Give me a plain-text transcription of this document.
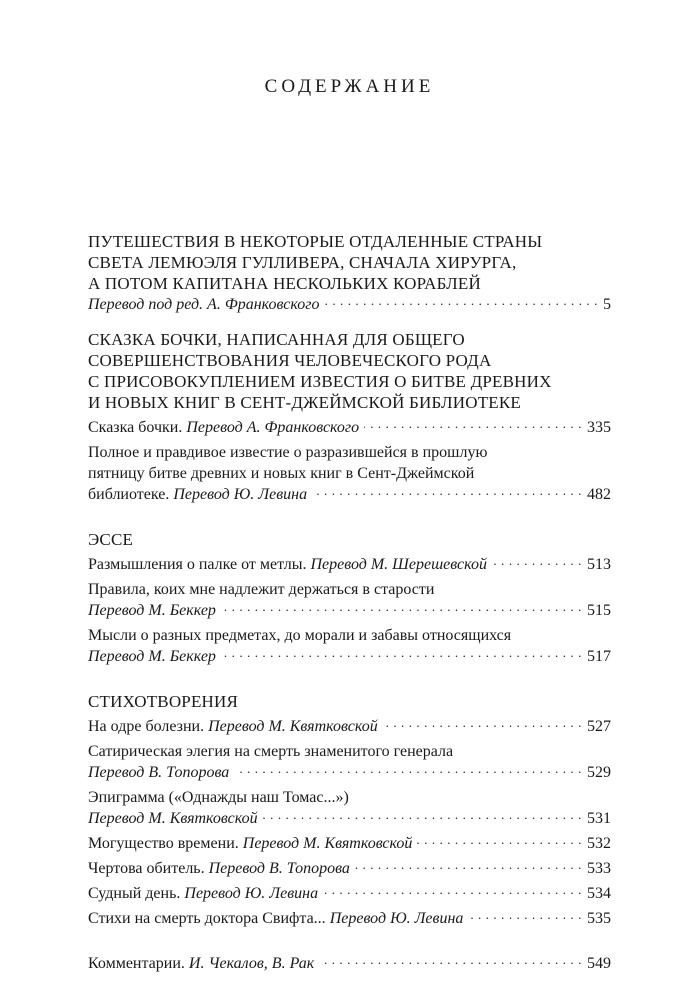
СОДЕРЖАНИЕ

ПУТЕШЕСТВИЯ В НЕКОТОРЫЕ ОТДАЛЕННЫЕ СТРАНЫ

СВЕТА ЛЕМЮЭЛЯ ГУЛЛИВЕРА, СНАЧАЛА ХИРУРГА,

А ПОТОМ КАПИТАНА НЕСКОЛЬКИХ КОРАБЛЕЙ

Перевод под ред. А. Франковского . . .	5

СКАЗКА БОЧКИ, НАПИСАННАЯ ДЛЯ ОБЩЕГО

СОВЕРШЕНСТВОВАНИЯ ЧЕЛОВЕЧЕСКОГО РОДА

С ПРИСОВОКУПЛЕНИЕМ ИЗВЕСТИЯ О БИТВЕ ДРЕВНИХ

И НОВЫХ КНИГ В СЕНТ-ДЖЕЙМСКОЙ БИБЛИОТЕКЕ

Сказка бочки. Перевод А. Франковского . . .	335

Полное и правдивое известие о разразившейся в прошлую

пятницу битве древних и новых книг в Сент-Джеймской

библиотеке. Перевод Ю. Левина . . .	482

ЭССЕ

Размышления о палке от метлы. Перевод М. Шерешевской . . .	513

Правила, коих мне надлежит держаться в старости

Перевод М. Беккер . . .	515

Мысли о разных предметах, до морали и забавы относящихся

Перевод М. Беккер . . .	517

СТИХОТВОРЕНИЯ

На одре болезни. Перевод М. Квятковской . . .	527

Сатирическая элегия на смерть знаменитого генерала

Перевод В. Топорова . . .	529

Эпиграмма («Однажды наш Томас...»)

Перевод М. Квятковской . . .	531
Могущество времени. Перевод М. Квятковской . . .	532
Чертова обитель. Перевод В. Топорова . . .	533
Судный день. Перевод Ю. Левина . . .	534
Стихи на смерть доктора Свифта... Перевод Ю. Левина . . .	535
Комментарии. И. Чекалов, В. Рак . . .	549
